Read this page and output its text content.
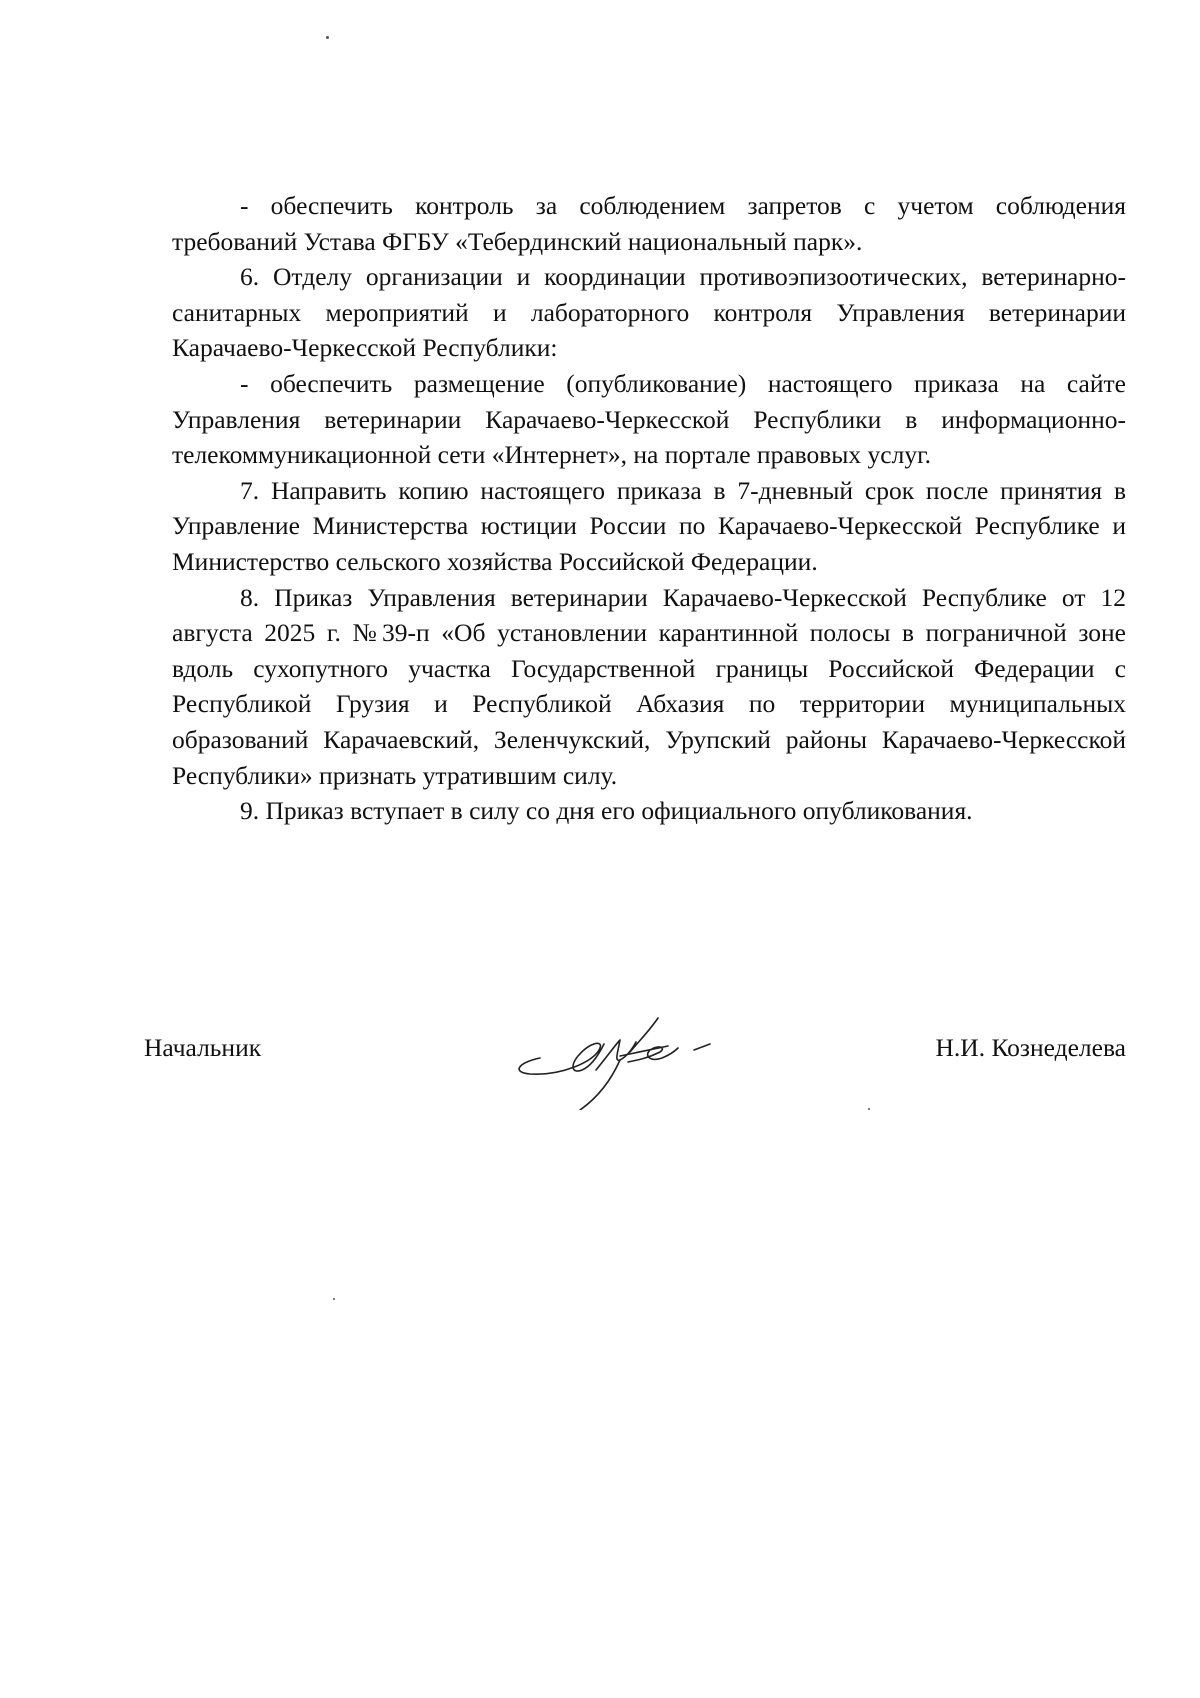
- обеспечить контроль за соблюдением запретов с учетом соблюдения требований Устава ФГБУ «Тебердинский национальный парк».

6. Отделу организации и координации противоэпизоотических, ветеринарно-санитарных мероприятий и лабораторного контроля Управления ветеринарии Карачаево-Черкесской Республики:

- обеспечить размещение (опубликование) настоящего приказа на сайте Управления ветеринарии Карачаево-Черкесской Республики в информационно-телекоммуникационной сети «Интернет», на портале правовых услуг.

7. Направить копию настоящего приказа в 7-дневный срок после принятия в Управление Министерства юстиции России по Карачаево-Черкесской Республике и Министерство сельского хозяйства Российской Федерации.

8. Приказ Управления ветеринарии Карачаево-Черкесской Республике от 12 августа 2025 г. №39-п «Об установлении карантинной полосы в пограничной зоне вдоль сухопутного участка Государственной границы Российской Федерации с Республикой Грузия и Республикой Абхазия по территории муниципальных образований Карачаевский, Зеленчукский, Урупский районы Карачаево-Черкесской Республики» признать утратившим силу.

9. Приказ вступает в силу со дня его официального опубликования.

Начальник	Н.И. Кознеделева
